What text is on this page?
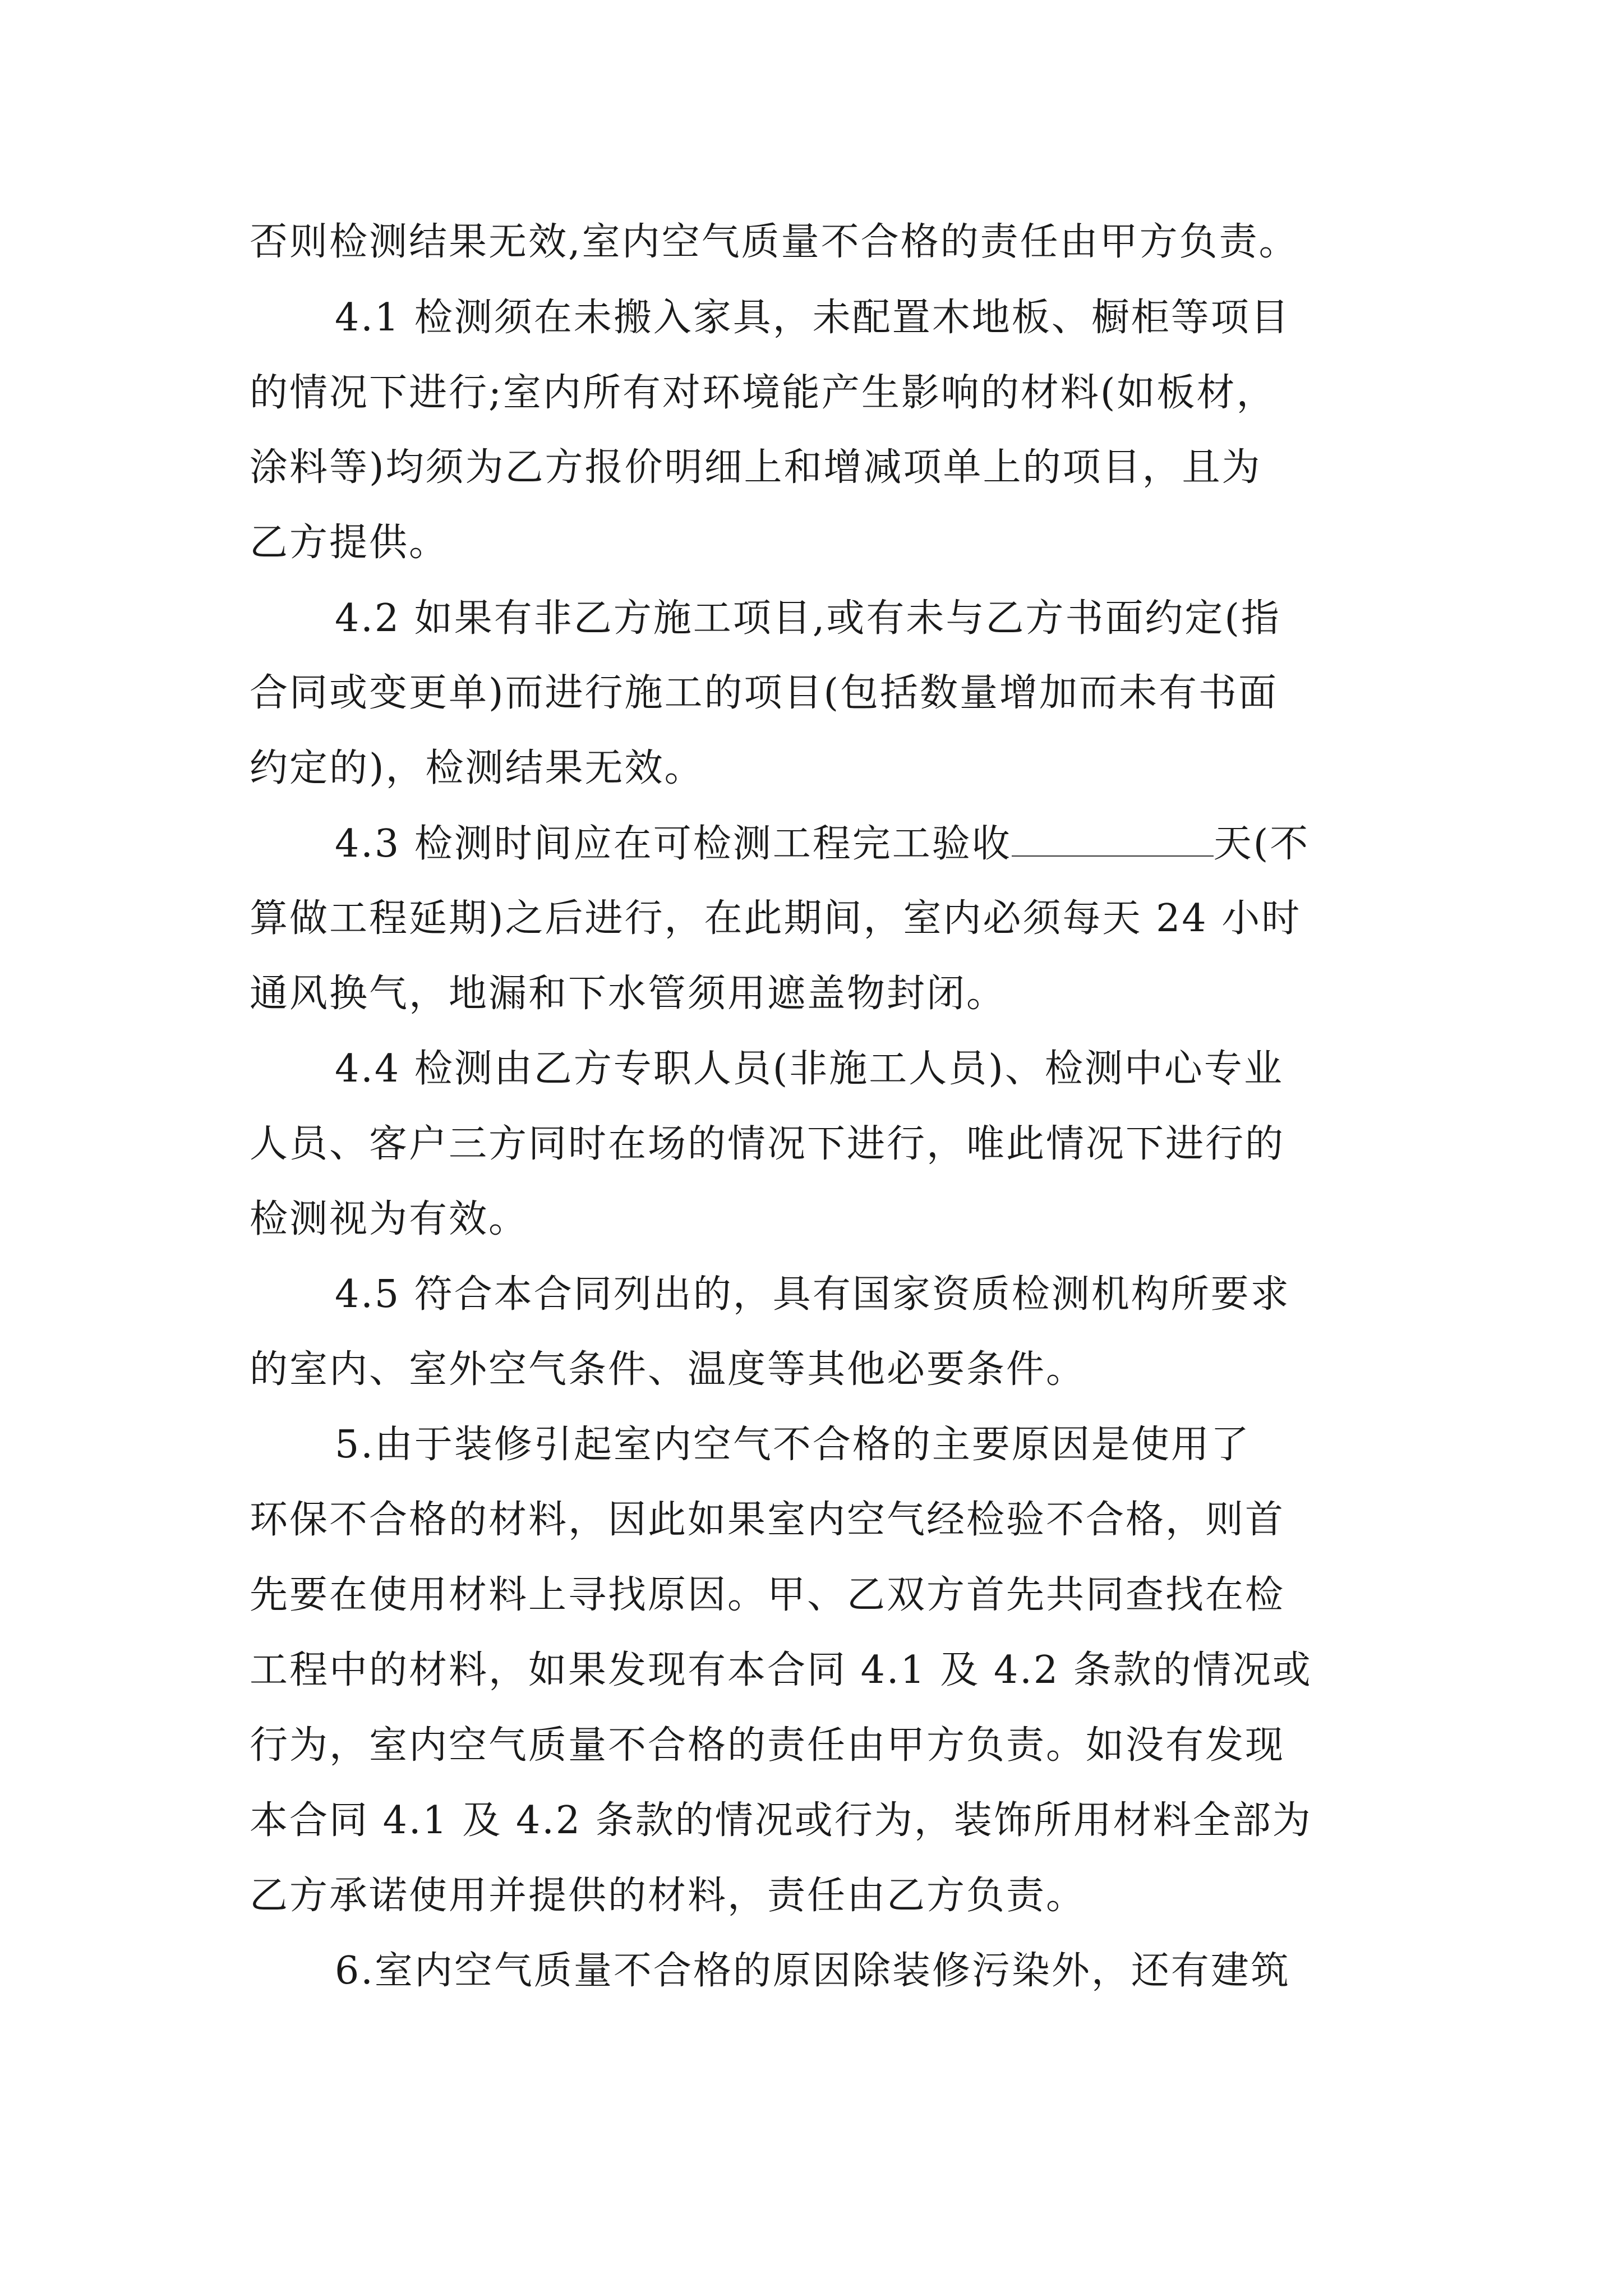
否则检测结果无效,室内空气质量不合格的责任由甲方负责。
4.1 检测须在未搬入家具，未配置木地板、橱柜等项目
的情况下进行;室内所有对环境能产生影响的材料(如板材，
涂料等)均须为乙方报价明细上和增减项单上的项目，且为
乙方提供。
4.2 如果有非乙方施工项目,或有未与乙方书面约定(指
合同或变更单)而进行施工的项目(包括数量增加而未有书面
约定的)，检测结果无效。
4.3 检测时间应在可检测工程完工验收	天(不
算做工程延期)之后进行，在此期间，室内必须每天 24 小时
通风换气，地漏和下水管须用遮盖物封闭。
4.4 检测由乙方专职人员(非施工人员)、检测中心专业
人员、客户三方同时在场的情况下进行，唯此情况下进行的
检测视为有效。
4.5 符合本合同列出的，具有国家资质检测机构所要求
的室内、室外空气条件、温度等其他必要条件。
5.由于装修引起室内空气不合格的主要原因是使用了
环保不合格的材料，因此如果室内空气经检验不合格，则首
先要在使用材料上寻找原因。甲、乙双方首先共同查找在检
工程中的材料，如果发现有本合同 4.1 及 4.2 条款的情况或
行为，室内空气质量不合格的责任由甲方负责。如没有发现
本合同 4.1 及 4.2 条款的情况或行为，装饰所用材料全部为
乙方承诺使用并提供的材料，责任由乙方负责。
6.室内空气质量不合格的原因除装修污染外，还有建筑
